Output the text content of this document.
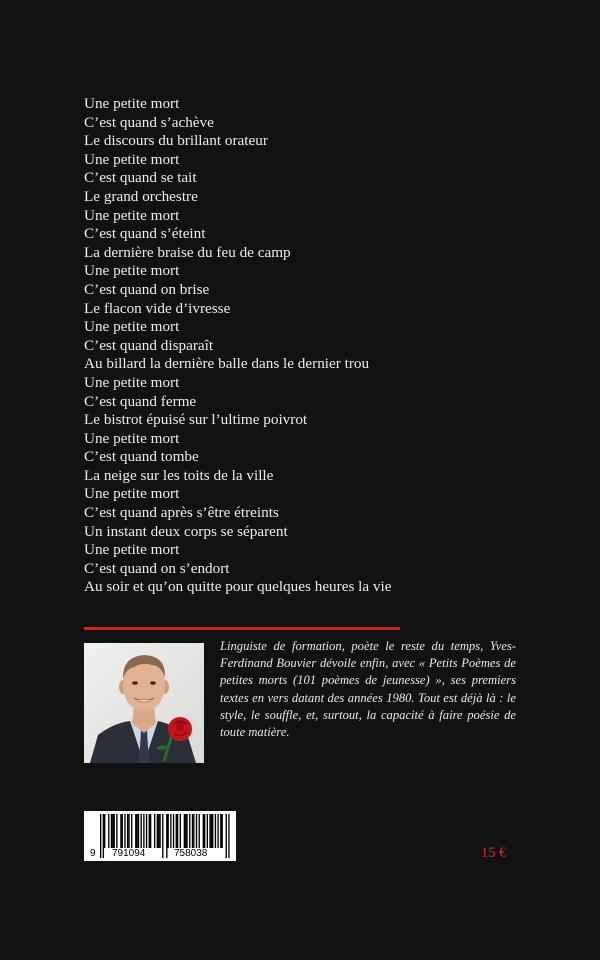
Une petite mort
C’est quand s’achève
Le discours du brillant orateur
Une petite mort
C’est quand se tait
Le grand orchestre
Une petite mort
C’est quand s’éteint
La dernière braise du feu de camp
Une petite mort
C’est quand on brise
Le flacon vide d’ivresse
Une petite mort
C’est quand disparaît
Au billard la dernière balle dans le dernier trou
Une petite mort
C’est quand ferme
Le bistrot épuisé sur l’ultime poivrot
Une petite mort
C’est quand tombe
La neige sur les toits de la ville
Une petite mort
C’est quand après s’être étreints
Un instant deux corps se séparent
Une petite mort
C’est quand on s’endort
Au soir et qu’on quitte pour quelques heures la vie
Linguiste de formation, poète le reste du temps, Yves-Ferdinand Bouvier dévoile enfin, avec « Petits Poèmes de petites morts (101 poèmes de jeunesse) », ses premiers textes en vers datant des années 1980. Tout est déjà là : le style, le souffle, et, surtout, la capacité à faire poésie de toute matière.
9 791094	758038	15 €
